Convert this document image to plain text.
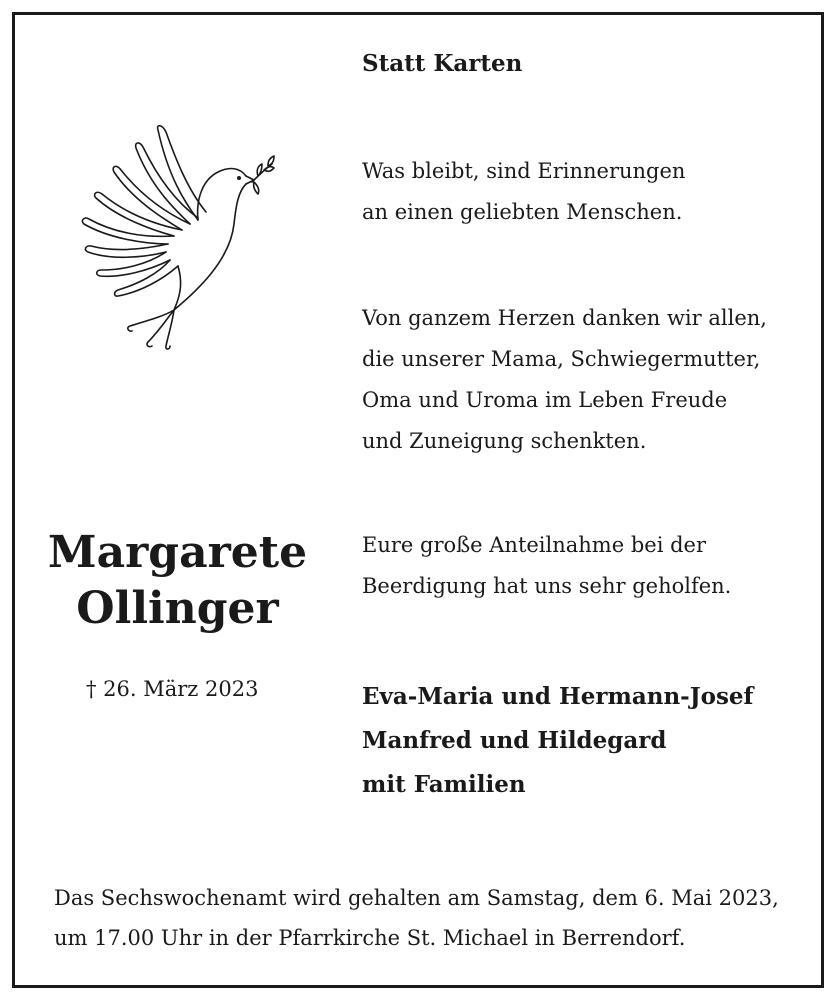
Statt Karten
Was bleibt, sind Erinnerungen
an einen geliebten Menschen.
Von ganzem Herzen danken wir allen,
die unserer Mama, Schwiegermutter,
Oma und Uroma im Leben Freude
und Zuneigung schenkten.
Eure große Anteilnahme bei der
Beerdigung hat uns sehr geholfen.
Margarete
Ollinger
† 26. März 2023	Eva-Maria und Hermann-Josef
Manfred und Hildegard
mit Familien
Das Sechswochenamt wird gehalten am Samstag, dem 6. Mai 2023,
um 17.00 Uhr in der Pfarrkirche St. Michael in Berrendorf.
